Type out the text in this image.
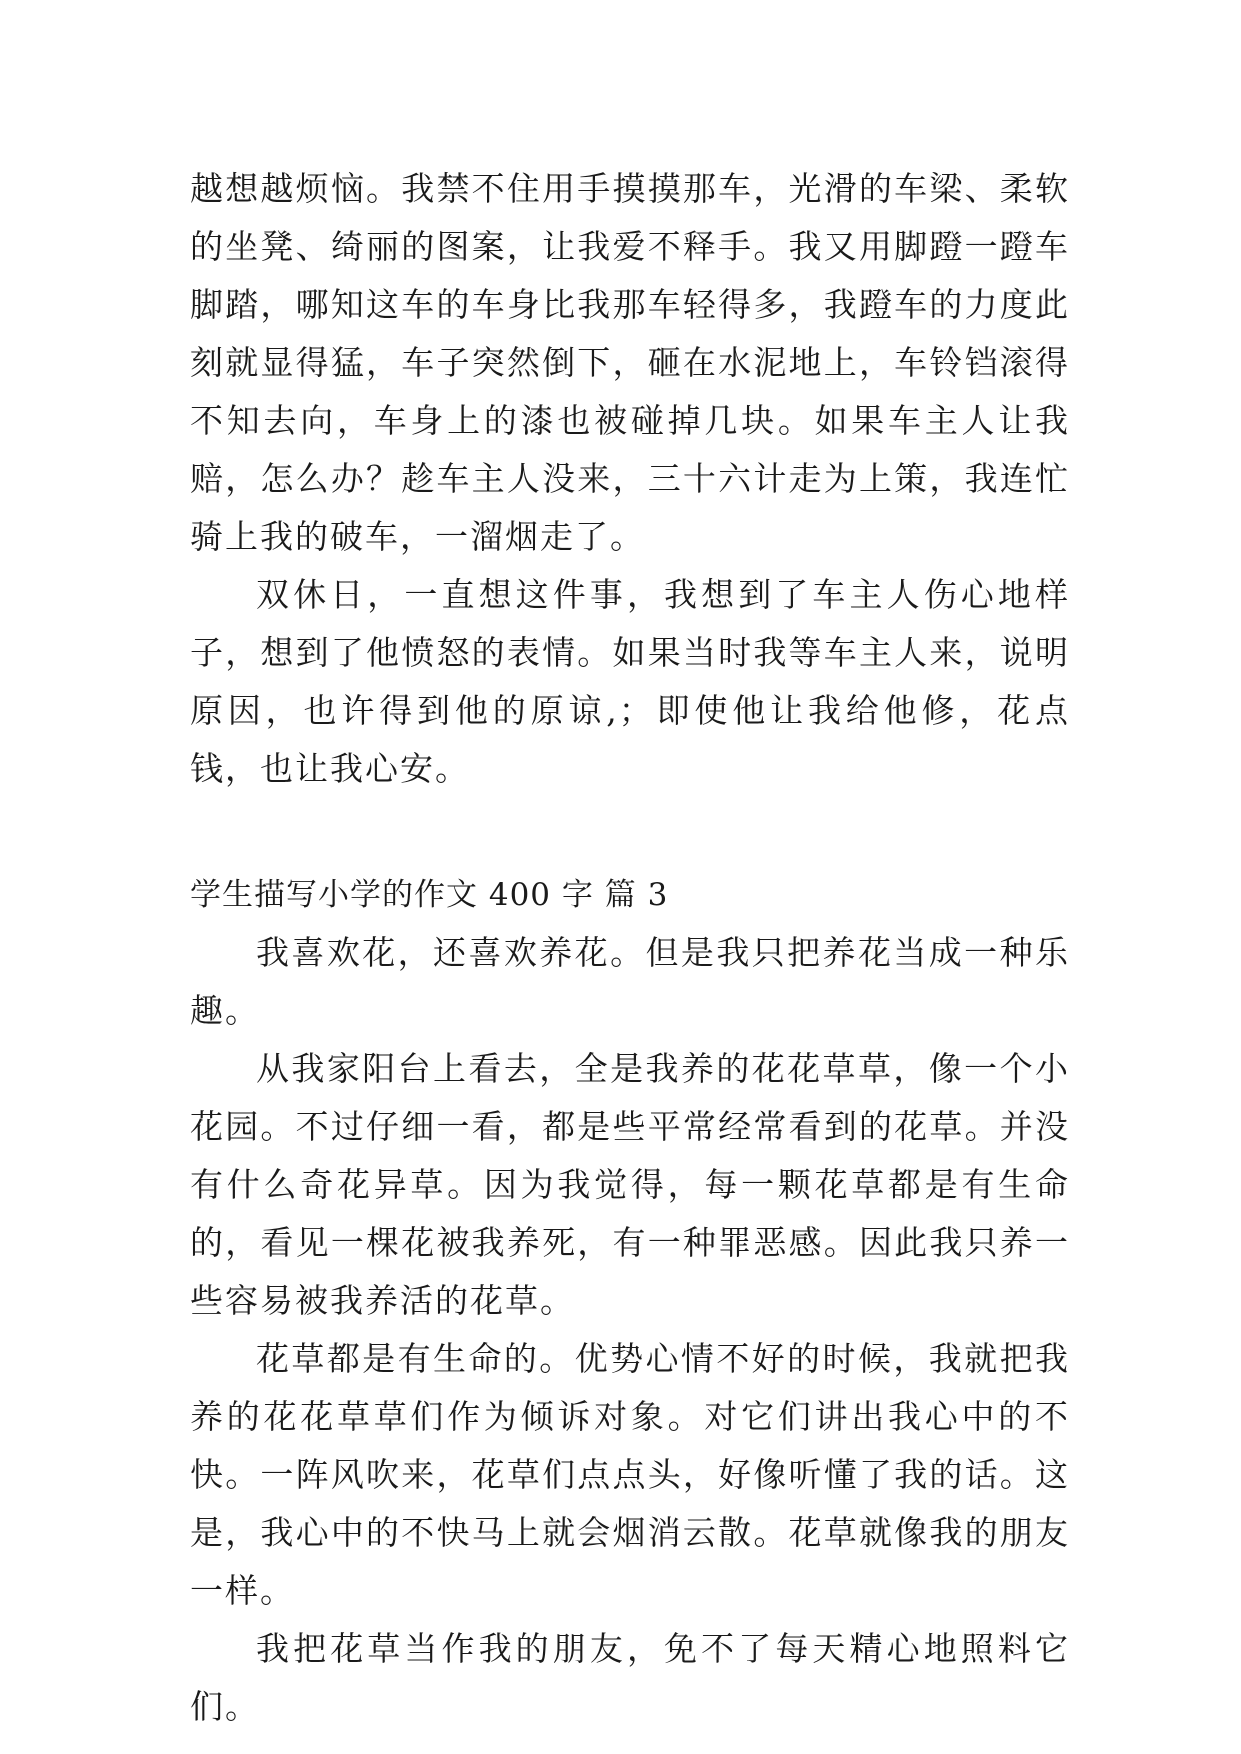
越想越烦恼。我禁不住用手摸摸那车，光滑的车梁、柔软的坐凳、绮丽的图案，让我爱不释手。我又用脚蹬一蹬车脚踏，哪知这车的车身比我那车轻得多，我蹬车的力度此刻就显得猛，车子突然倒下，砸在水泥地上，车铃铛滚得不知去向，车身上的漆也被碰掉几块。如果车主人让我赔，怎么办？趁车主人没来，三十六计走为上策，我连忙骑上我的破车，一溜烟走了。

双休日，一直想这件事，我想到了车主人伤心地样子，想到了他愤怒的表情。如果当时我等车主人来，说明原因，也许得到他的原谅,；即使他让我给他修，花点钱，也让我心安。

学生描写小学的作文 400 字 篇 3

我喜欢花，还喜欢养花。但是我只把养花当成一种乐趣。

从我家阳台上看去，全是我养的花花草草，像一个小花园。不过仔细一看，都是些平常经常看到的花草。并没有什么奇花异草。因为我觉得，每一颗花草都是有生命的，看见一棵花被我养死，有一种罪恶感。因此我只养一些容易被我养活的花草。

花草都是有生命的。优势心情不好的时候，我就把我养的花花草草们作为倾诉对象。对它们讲出我心中的不快。一阵风吹来，花草们点点头，好像听懂了我的话。这是，我心中的不快马上就会烟消云散。花草就像我的朋友一样。

我把花草当作我的朋友，免不了每天精心地照料它们。
